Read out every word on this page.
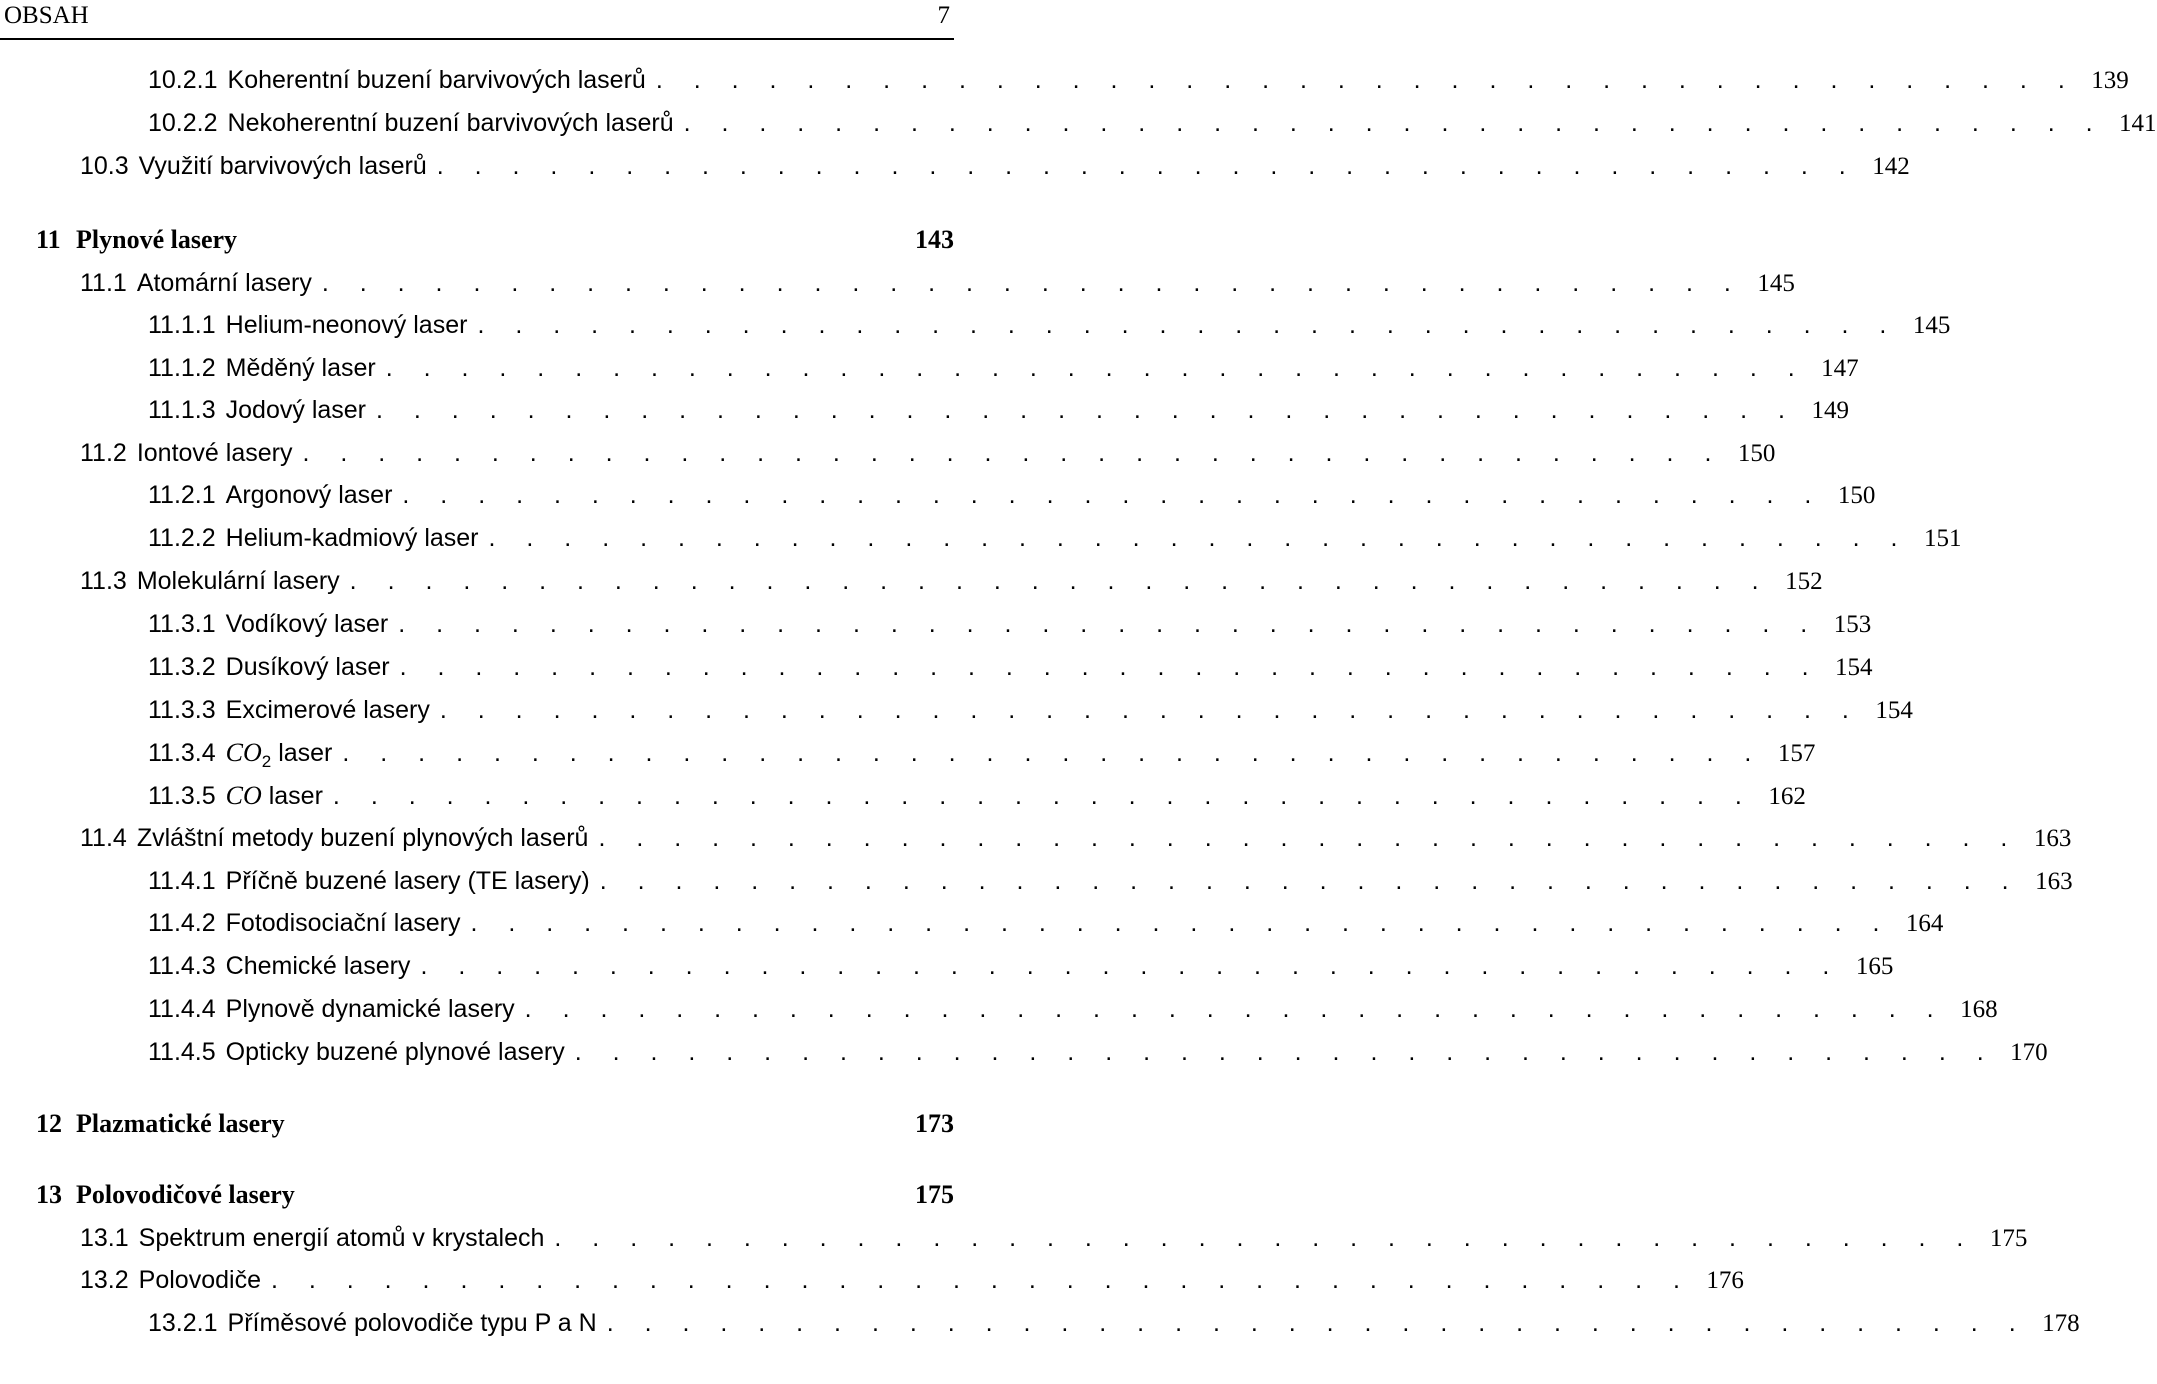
OBSAH	7
10.2.1 Koherentní buzení barvivových laserů . . . . . . . . . . . . . . . . . . . . . . . . . . . . . . . . . . . . . . 139
10.2.2 Nekoherentní buzení barvivových laserů . . . . . . . . . . . . . . . . . . . . . . . . . . . . . . . . . . . . . . 141
10.3 Využití barvivových laserů . . . . . . . . . . . . . . . . . . . . . . . . . . . . . . . . . . . . . . 142
11 Plynové lasery	143
11.1 Atomární lasery . . . . . . . . . . . . . . . . . . . . . . . . . . . . . . . . . . . . . . 145
11.1.1 Helium-neonový laser . . . . . . . . . . . . . . . . . . . . . . . . . . . . . . . . . . . . . . 145
11.1.2 Měděný laser . . . . . . . . . . . . . . . . . . . . . . . . . . . . . . . . . . . . . . 147
11.1.3 Jodový laser . . . . . . . . . . . . . . . . . . . . . . . . . . . . . . . . . . . . . . 149
11.2 Iontové lasery . . . . . . . . . . . . . . . . . . . . . . . . . . . . . . . . . . . . . . 150
11.2.1 Argonový laser . . . . . . . . . . . . . . . . . . . . . . . . . . . . . . . . . . . . . . 150
11.2.2 Helium-kadmiový laser . . . . . . . . . . . . . . . . . . . . . . . . . . . . . . . . . . . . . . 151
11.3 Molekulární lasery . . . . . . . . . . . . . . . . . . . . . . . . . . . . . . . . . . . . . . 152
11.3.1 Vodíkový laser . . . . . . . . . . . . . . . . . . . . . . . . . . . . . . . . . . . . . . 153
11.3.2 Dusíkový laser . . . . . . . . . . . . . . . . . . . . . . . . . . . . . . . . . . . . . . 154
11.3.3 Excimerové lasery . . . . . . . . . . . . . . . . . . . . . . . . . . . . . . . . . . . . . . 154
11.3.4 $CO_2$ laser . . . . . . . . . . . . . . . . . . . . . . . . . . . . . . . . . . . . . . 157
11.3.5 CO laser . . . . . . . . . . . . . . . . . . . . . . . . . . . . . . . . . . . . . . 162
11.4 Zvláštní metody buzení plynových laserů . . . . . . . . . . . . . . . . . . . . . . . . . . . . . . . . . . . . . . 163
11.4.1 Příčně buzené lasery (TE lasery) . . . . . . . . . . . . . . . . . . . . . . . . . . . . . . . . . . . . . . 163
11.4.2 Fotodisociační lasery . . . . . . . . . . . . . . . . . . . . . . . . . . . . . . . . . . . . . . 164
11.4.3 Chemické lasery . . . . . . . . . . . . . . . . . . . . . . . . . . . . . . . . . . . . . . 165
11.4.4 Plynově dynamické lasery . . . . . . . . . . . . . . . . . . . . . . . . . . . . . . . . . . . . . . 168
11.4.5 Opticky buzené plynové lasery . . . . . . . . . . . . . . . . . . . . . . . . . . . . . . . . . . . . . . 170
12 Plazmatické lasery	173
13 Polovodičové lasery	175
13.1 Spektrum energií atomů v krystalech . . . . . . . . . . . . . . . . . . . . . . . . . . . . . . . . . . . . . . 175
13.2 Polovodiče . . . . . . . . . . . . . . . . . . . . . . . . . . . . . . . . . . . . . . 176
13.2.1 Příměsové polovodiče typu P a N . . . . . . . . . . . . . . . . . . . . . . . . . . . . . . . . . . . . . . 178
